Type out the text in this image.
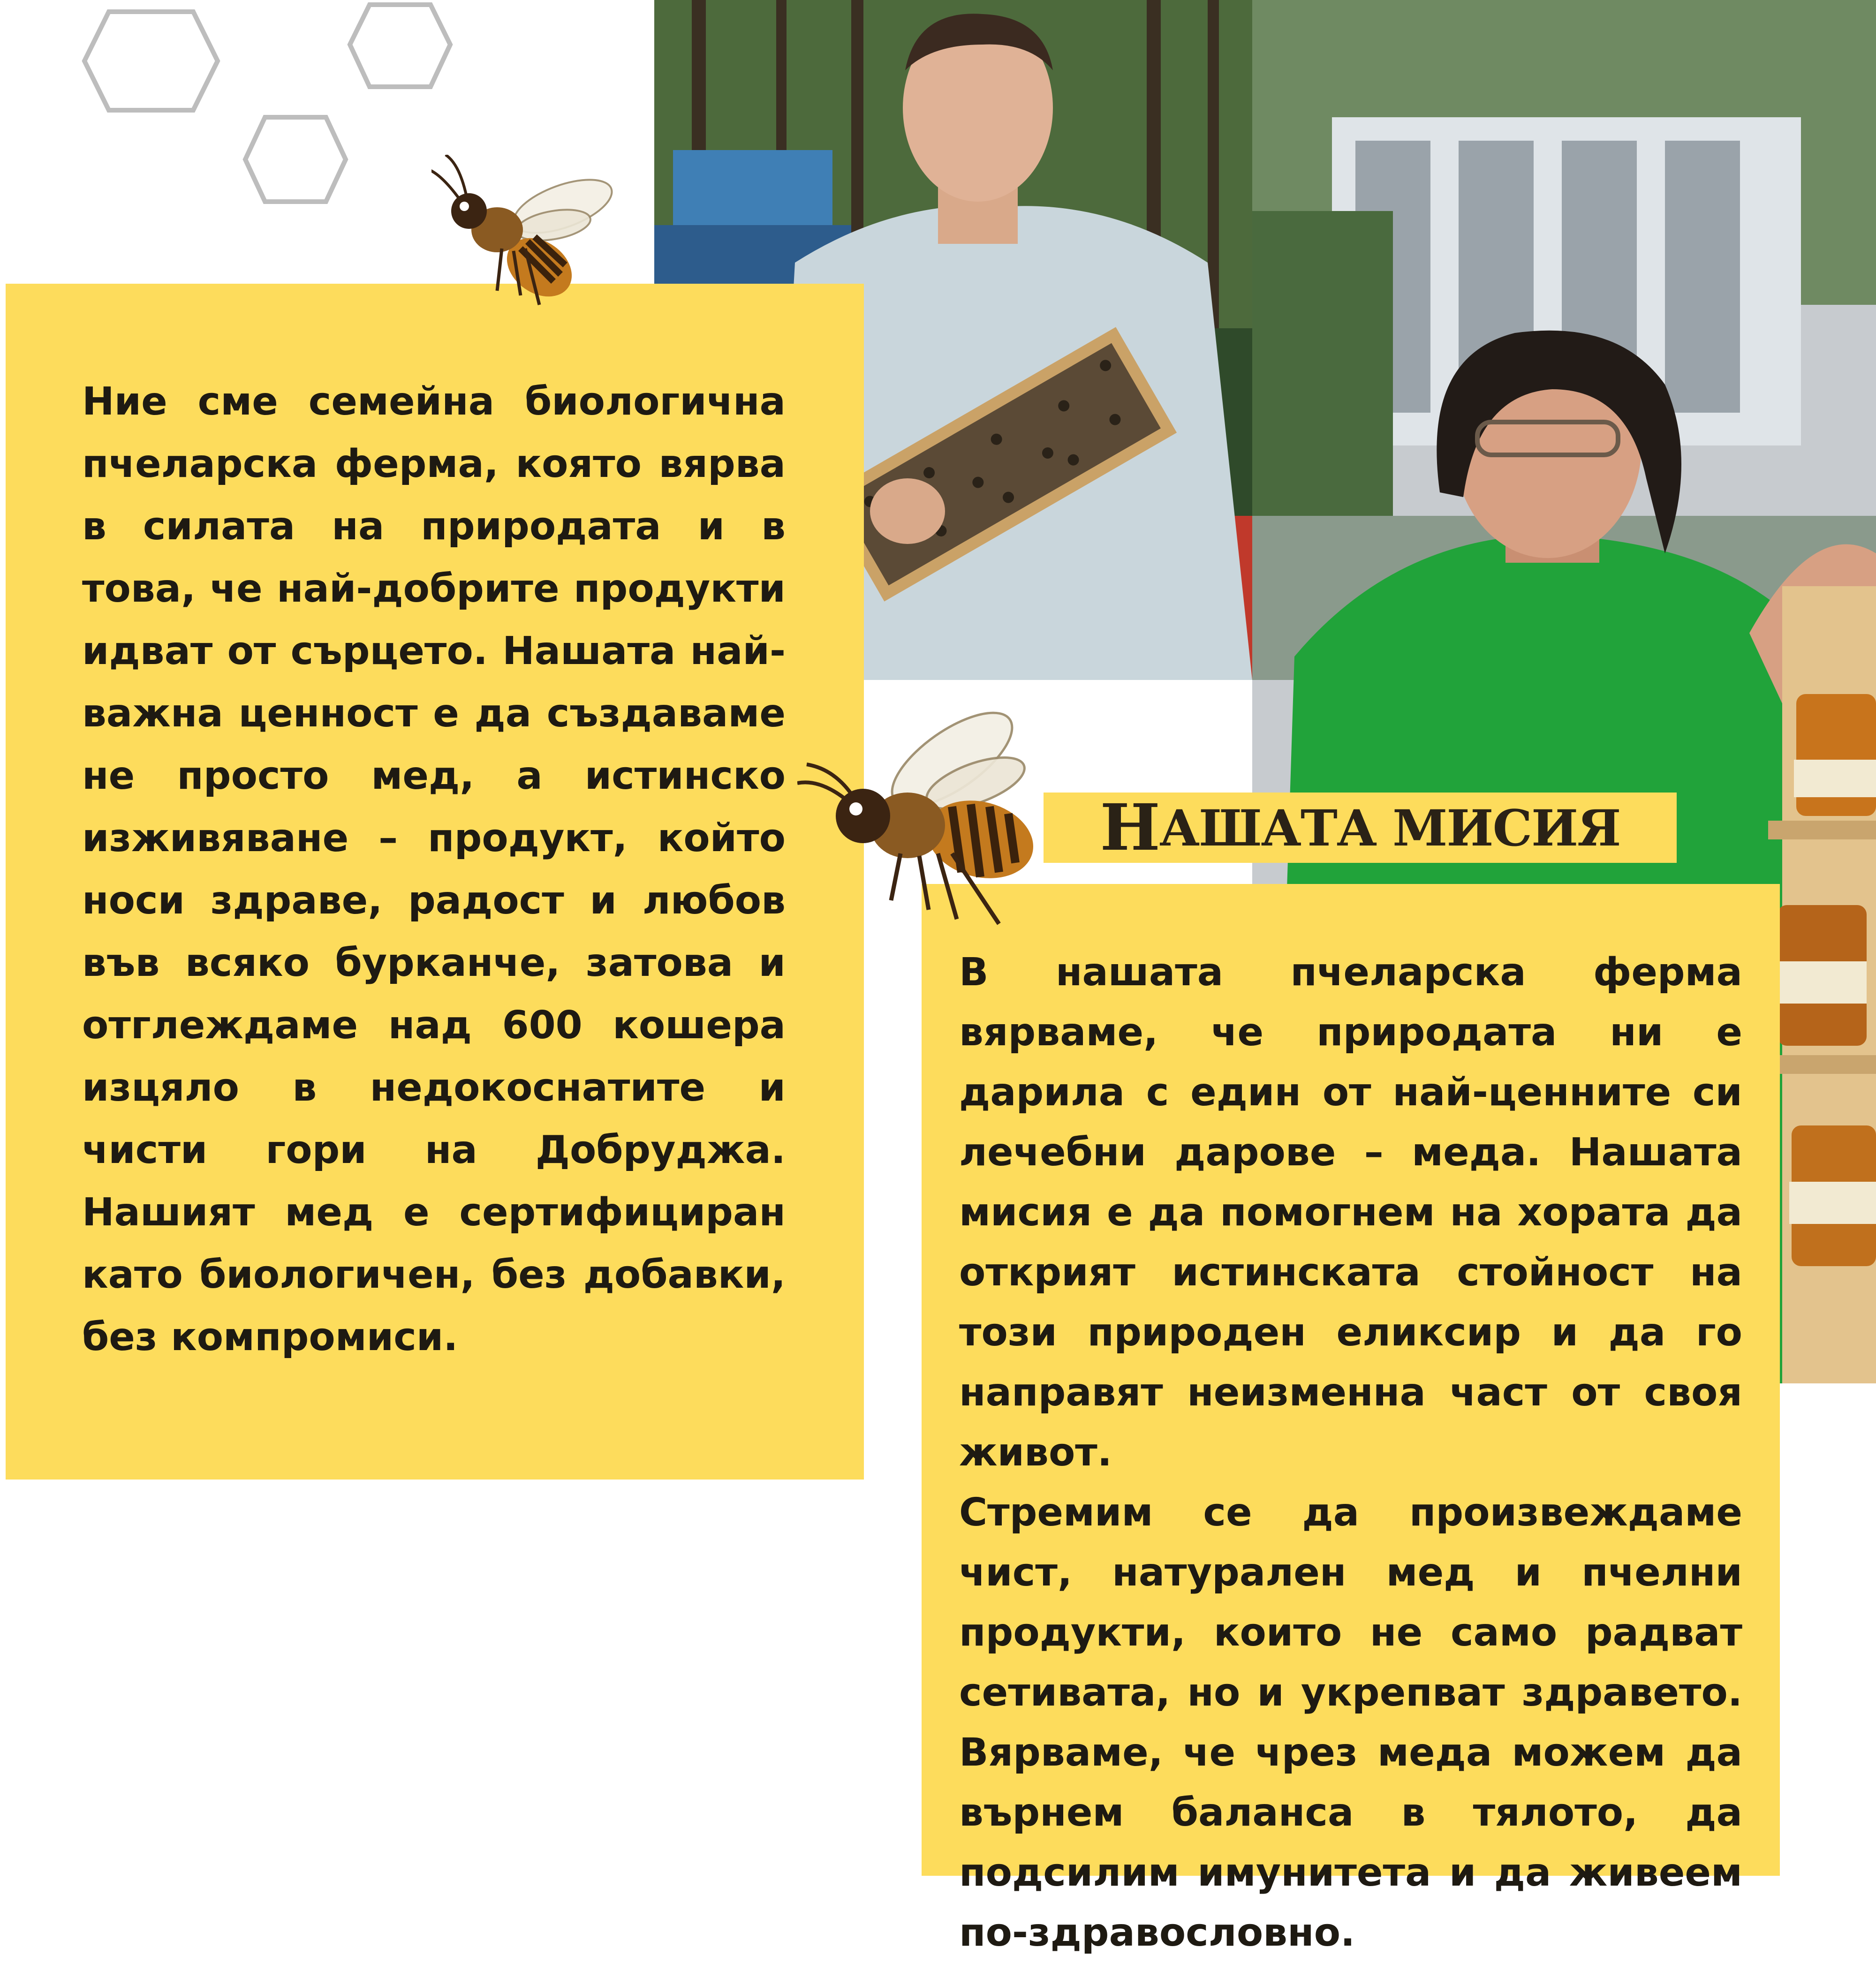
Ние сме семейна биологична пчеларска ферма, която вярва в силата на природата и в това, че най-добрите продукти идват от сърцето. Нашата най-важна ценност е да създаваме не просто мед, а истинско изживяване – продукт, който носи здраве, радост и любов във всяко бурканче, затова и отглеждаме над 600 кошера изцяло в недокоснатите и чисти гори на Добруджа. Нашият мед е сертифициран като биологичен, без добавки, без компромиси.

В нашата пчеларска ферма вярваме, че природата ни е дарила с един от най-ценните си лечебни дарове – меда. Нашата мисия е да помогнем на хората да открият истинската стойност на този природен еликсир и да го направят неизменна част от своя живот.

Стремим се да произвеждаме чист, натурален мед и пчелни продукти, които не само радват сетивата, но и укрепват здравето. Вярваме, че чрез меда можем да върнем баланса в тялото, да подсилим имунитета и да живеем по-здравословно.

Н АШАТА МИСИЯ
